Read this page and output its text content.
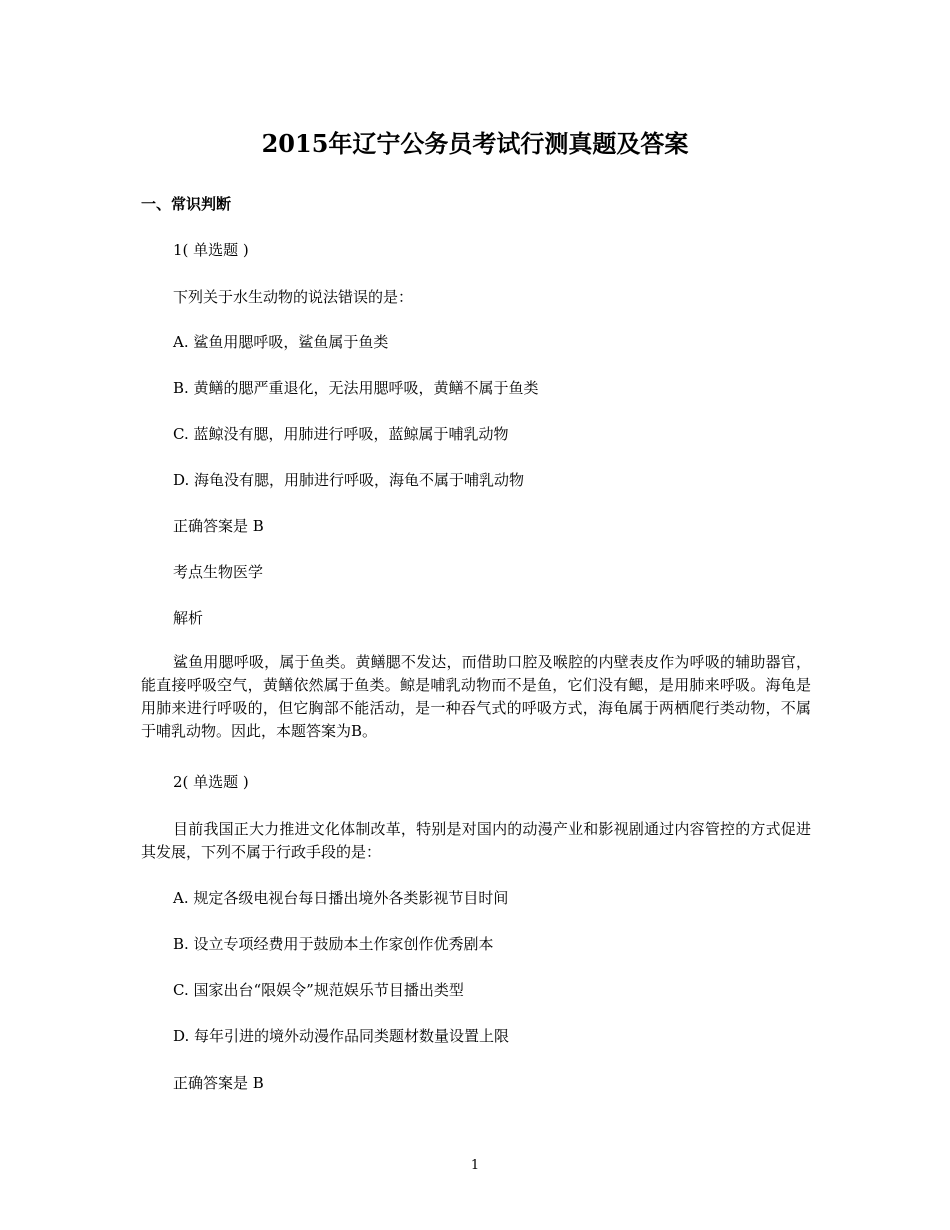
2015年辽宁公务员考试行测真题及答案
一、常识判断
1( 单选题 )
下列关于水生动物的说法错误的是：
A. 鲨鱼用腮呼吸，鲨鱼属于鱼类
B. 黄鳝的腮严重退化，无法用腮呼吸，黄鳝不属于鱼类
C. 蓝鲸没有腮，用肺进行呼吸，蓝鲸属于哺乳动物
D. 海龟没有腮，用肺进行呼吸，海龟不属于哺乳动物
正确答案是 B
考点生物医学
解析
鲨鱼用腮呼吸，属于鱼类。黄鳝腮不发达，而借助口腔及喉腔的内壁表皮作为呼吸的辅助器官，能直接呼吸空气，黄鳝依然属于鱼类。鲸是哺乳动物而不是鱼，它们没有鳃，是用肺来呼吸。海龟是用肺来进行呼吸的，但它胸部不能活动，是一种吞气式的呼吸方式，海龟属于两栖爬行类动物，不属于哺乳动物。因此，本题答案为B。
2( 单选题 )
目前我国正大力推进文化体制改革，特别是对国内的动漫产业和影视剧通过内容管控的方式促进其发展，下列不属于行政手段的是：
A. 规定各级电视台每日播出境外各类影视节目时间
B. 设立专项经费用于鼓励本土作家创作优秀剧本
C. 国家出台“限娱令”规范娱乐节目播出类型
D. 每年引进的境外动漫作品同类题材数量设置上限
正确答案是 B
1
